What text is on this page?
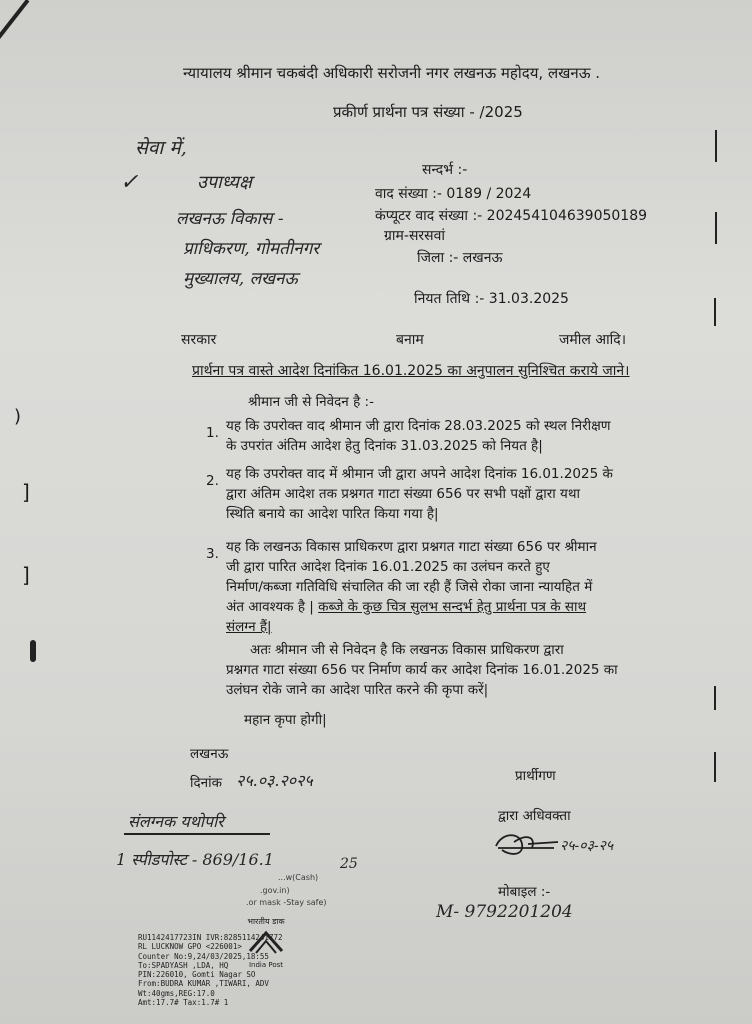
)
]
]
न्यायालय श्रीमान चकबंदी अधिकारी सरोजनी नगर लखनऊ महोदय, लखनऊ .
प्रकीर्ण प्रार्थना पत्र संख्या - /2025
सेवा में,
✓	उपाध्यक्ष
लखनऊ विकास -
प्राधिकरण, गोमतीनगर
मुख्यालय, लखनऊ
सन्दर्भ :-
वाद संख्या :- 0189 / 2024
कंप्यूटर वाद संख्या :- 202454104639050189
ग्राम-सरसवां
जिला :- लखनऊ
नियत तिथि :- 31.03.2025
सरकार	बनाम	जमील आदि।
प्रार्थना पत्र वास्ते आदेश दिनांकित 16.01.2025 का अनुपालन सुनिश्चित कराये जाने।
श्रीमान जी से निवेदन है :-
1. यह कि उपरोक्त वाद श्रीमान जी द्वारा दिनांक 28.03.2025 को स्थल निरीक्षण
के उपरांत अंतिम आदेश हेतु दिनांक 31.03.2025 को नियत है|
2. यह कि उपरोक्त वाद में श्रीमान जी द्वारा अपने आदेश दिनांक 16.01.2025 के
द्वारा अंतिम आदेश तक प्रश्नगत गाटा संख्या 656 पर सभी पक्षों द्वारा यथा
स्थिति बनाये का आदेश पारित किया गया है|
3. यह कि लखनऊ विकास प्राधिकरण द्वारा प्रश्नगत गाटा संख्या 656 पर श्रीमान
जी द्वारा पारित आदेश दिनांक 16.01.2025 का उलंघन करते हुए
निर्माण/कब्जा गतिविधि संचालित की जा रही हैं जिसे रोका जाना न्यायहित में
अंत आवश्यक है | कब्जे के कुछ चित्र सुलभ सन्दर्भ हेतु प्रार्थना पत्र के साथ
संलग्न हैं|
अतः श्रीमान जी से निवेदन है कि लखनऊ विकास प्राधिकरण द्वारा
प्रश्नगत गाटा संख्या 656 पर निर्माण कार्य कर आदेश दिनांक 16.01.2025 का
उलंघन रोके जाने का आदेश पारित करने की कृपा करें|
महान कृपा होगी|
लखनऊ
दिनांक २५.०३.२०२५	प्रार्थीगण
द्वारा अधिवक्ता
२५-०३-२५
मोबाइल :-
M- 9792201204
संलग्नक यथोपरि
1 स्पीडपोस्ट - 869/16.1	25
...w(Cash)
.gov.in)
.or mask -Stay safe)
भारतीय डाक
India Post
RU1142417723IN IVR:8285114241772
RL LUCKNOW GPO <226001>
Counter No:9,24/03/2025,18:55
To:SPADYASH ,LDA, HQ
PIN:226010, Gomti Nagar SO
From:BUDRA KUMAR ,TIWARI, ADV
Wt:40gms,REG:17.0
Amt:17.7# Tax:1.7# 1
